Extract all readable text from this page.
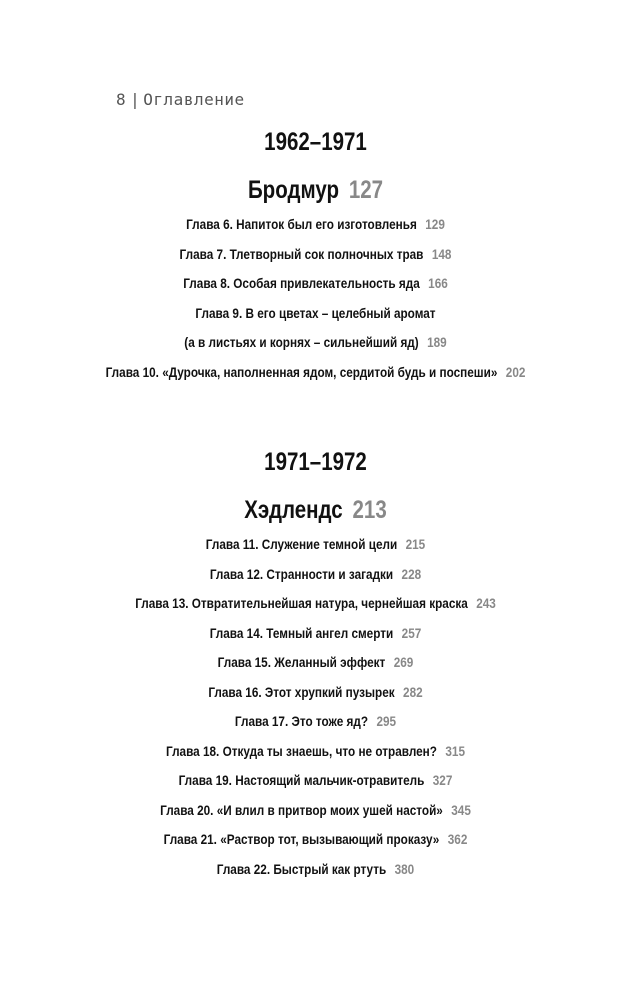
8 | Оглавление
1962–1971
Бродмур 127
Глава 6. Напиток был его изготовленья 129
Глава 7. Тлетворный сок полночных трав 148
Глава 8. Особая привлекательность яда 166
Глава 9. В его цветах – целебный аромат
(а в листьях и корнях – сильнейший яд) 189
Глава 10. «Дурочка, наполненная ядом, сердитой будь и поспеши» 202
1971–1972
Хэдлендс 213
Глава 11. Служение темной цели 215
Глава 12. Странности и загадки 228
Глава 13. Отвратительнейшая натура, чернейшая краска 243
Глава 14. Темный ангел смерти 257
Глава 15. Желанный эффект 269
Глава 16. Этот хрупкий пузырек 282
Глава 17. Это тоже яд? 295
Глава 18. Откуда ты знаешь, что не отравлен? 315
Глава 19. Настоящий мальчик-отравитель 327
Глава 20. «И влил в притвор моих ушей настой» 345
Глава 21. «Раствор тот, вызывающий проказу» 362
Глава 22. Быстрый как ртуть 380
